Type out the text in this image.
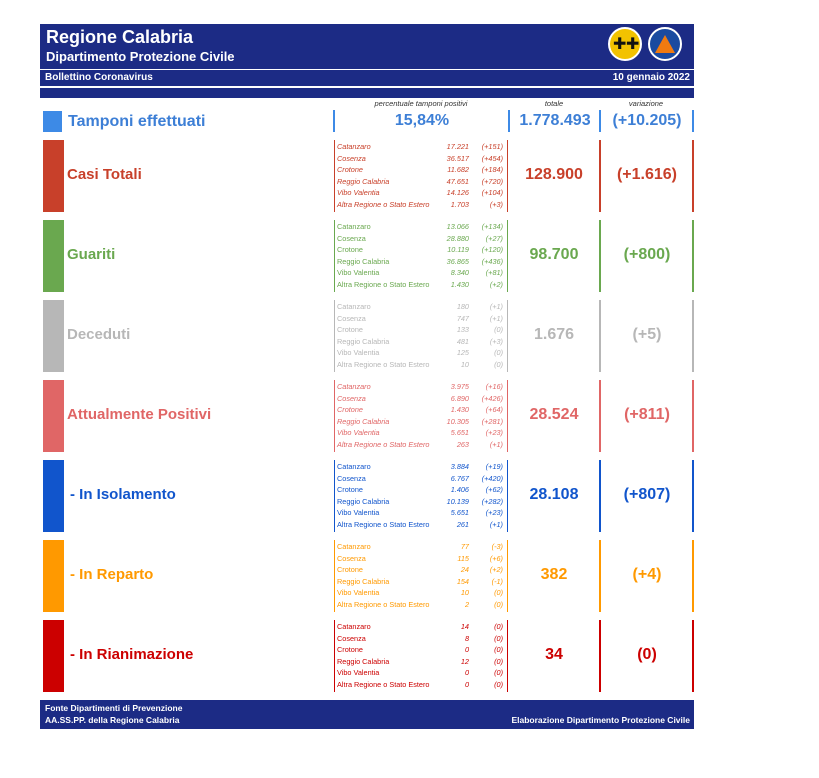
Regione Calabria
Dipartimento Protezione Civile
✚ ✚
Bollettino Coronavirus	10 gennaio 2022
percentuale tamponi positivi	totale	variazione
Tamponi effettuati	15,84%	1.778.493	(+10.205)
Casi Totali
Catanzaro	17.221 (+151)
Cosenza	36.517 (+454)
Crotone	11.682 (+184)
Reggio Calabria	47.651 (+720)
Vibo Valentia	14.126 (+104)
Altra Regione o Stato Estero	1.703	(+3)
128.900	(+1.616)
Guariti
Catanzaro	13.066 (+134)
Cosenza	28.880 (+27)
Crotone	10.119 (+120)
Reggio Calabria	36.865 (+436)
Vibo Valentia	8.340 (+81)
Altra Regione o Stato Estero	1.430	(+2)
98.700	(+800)
Deceduti
Catanzaro	180	(+1)
Cosenza	747	(+1)
Crotone	133	(0)
Reggio Calabria	481	(+3)
Vibo Valentia	125	(0)
Altra Regione o Stato Estero	10	(0)
1.676	(+5)
Attualmente Positivi
Catanzaro	3.975 (+16)
Cosenza	6.890 (+426)
Crotone	1.430 (+64)
Reggio Calabria	10.305 (+281)
Vibo Valentia	5.651 (+23)
Altra Regione o Stato Estero	263	(+1)
28.524	(+811)
- In Isolamento
Catanzaro	3.884 (+19)
Cosenza	6.767 (+420)
Crotone	1.406 (+62)
Reggio Calabria	10.139 (+282)
Vibo Valentia	5.651 (+23)
Altra Regione o Stato Estero	261	(+1)
28.108	(+807)
- In Reparto
Catanzaro	77	(-3)
Cosenza	115	(+6)
Crotone	24	(+2)
Reggio Calabria	154	(-1)
Vibo Valentia	10	(0)
Altra Regione o Stato Estero	2	(0)
382	(+4)
- In Rianimazione
Catanzaro	14	(0)
Cosenza	8	(0)
Crotone	0	(0)
Reggio Calabria	12	(0)
Vibo Valentia	0	(0)
Altra Regione o Stato Estero	0	(0)
34	(0)
Fonte Dipartimenti di Prevenzione
AA.SS.PP. della Regione Calabria	Elaborazione Dipartimento Protezione Civile
